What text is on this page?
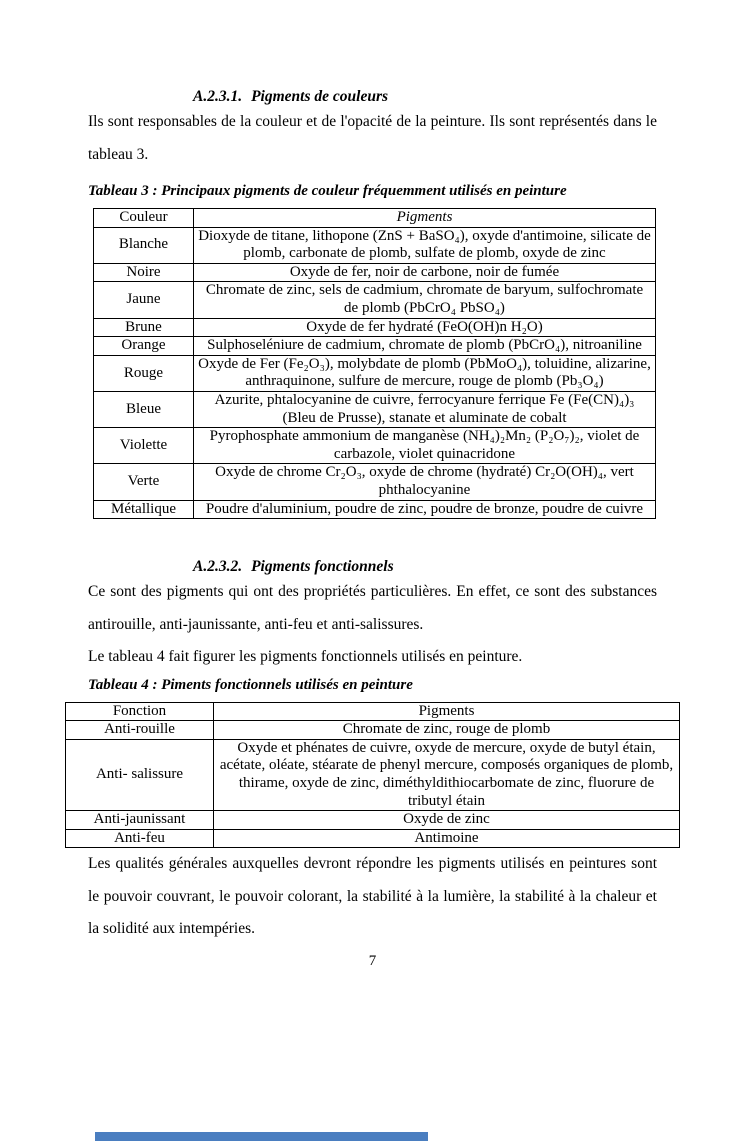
A.2.3.1. Pigments de couleurs

Ils sont responsables de la couleur et de l'opacité de la peinture. Ils sont représentés dans le tableau 3.

Tableau 3 : Principaux pigments de couleur fréquemment utilisés en peinture
Couleur	Pigments
Blanche	Dioxyde de titane, lithopone (ZnS + BaSO₄), oxyde d'antimoine, silicate de plomb, carbonate de plomb, sulfate de plomb, oxyde de zinc
Noire	Oxyde de fer, noir de carbone, noir de fumée
Jaune	Chromate de zinc, sels de cadmium, chromate de baryum, sulfochromate de plomb (PbCrO₄ PbSO₄)
Brune	Oxyde de fer hydraté (FeO(OH)n H₂O)
Orange	Sulphoseléniure de cadmium, chromate de plomb (PbCrO₄), nitroaniline
Rouge	Oxyde de Fer (Fe₂O₃), molybdate de plomb (PbMoO₄), toluidine, alizarine, anthraquinone, sulfure de mercure, rouge de plomb (Pb₃O₄)
Bleue	Azurite, phtalocyanine de cuivre, ferrocyanure ferrique Fe (Fe(CN)₄)₃ (Bleu de Prusse), stanate et aluminate de cobalt
Violette	Pyrophosphate ammonium de manganèse (NH₄)₂Mn₂ (P₂O₇)₂, violet de carbazole, violet quinacridone
Verte	Oxyde de chrome Cr₂O₃, oxyde de chrome (hydraté) Cr₂O(OH)₄, vert phthalocyanine
Métallique	Poudre d'aluminium, poudre de zinc, poudre de bronze, poudre de cuivre
A.2.3.2. Pigments fonctionnels

Ce sont des pigments qui ont des propriétés particulières. En effet, ce sont des substances antirouille, anti-jaunissante, anti-feu et anti-salissures.

Le tableau 4 fait figurer les pigments fonctionnels utilisés en peinture.

Tableau 4 : Piments fonctionnels utilisés en peinture
Fonction	Pigments
Anti-rouille	Chromate de zinc, rouge de plomb
Anti- salissure	Oxyde et phénates de cuivre, oxyde de mercure, oxyde de butyl étain, acétate, oléate, stéarate de phenyl mercure, composés organiques de plomb, thirame, oxyde de zinc, diméthyldithiocarbomate de zinc, fluorure de tributyl étain
Anti-jaunissant	Oxyde de zinc
Anti-feu	Antimoine

Les qualités générales auxquelles devront répondre les pigments utilisés en peintures sont le pouvoir couvrant, le pouvoir colorant, la stabilité à la lumière, la stabilité à la chaleur et la solidité aux intempéries.

7
